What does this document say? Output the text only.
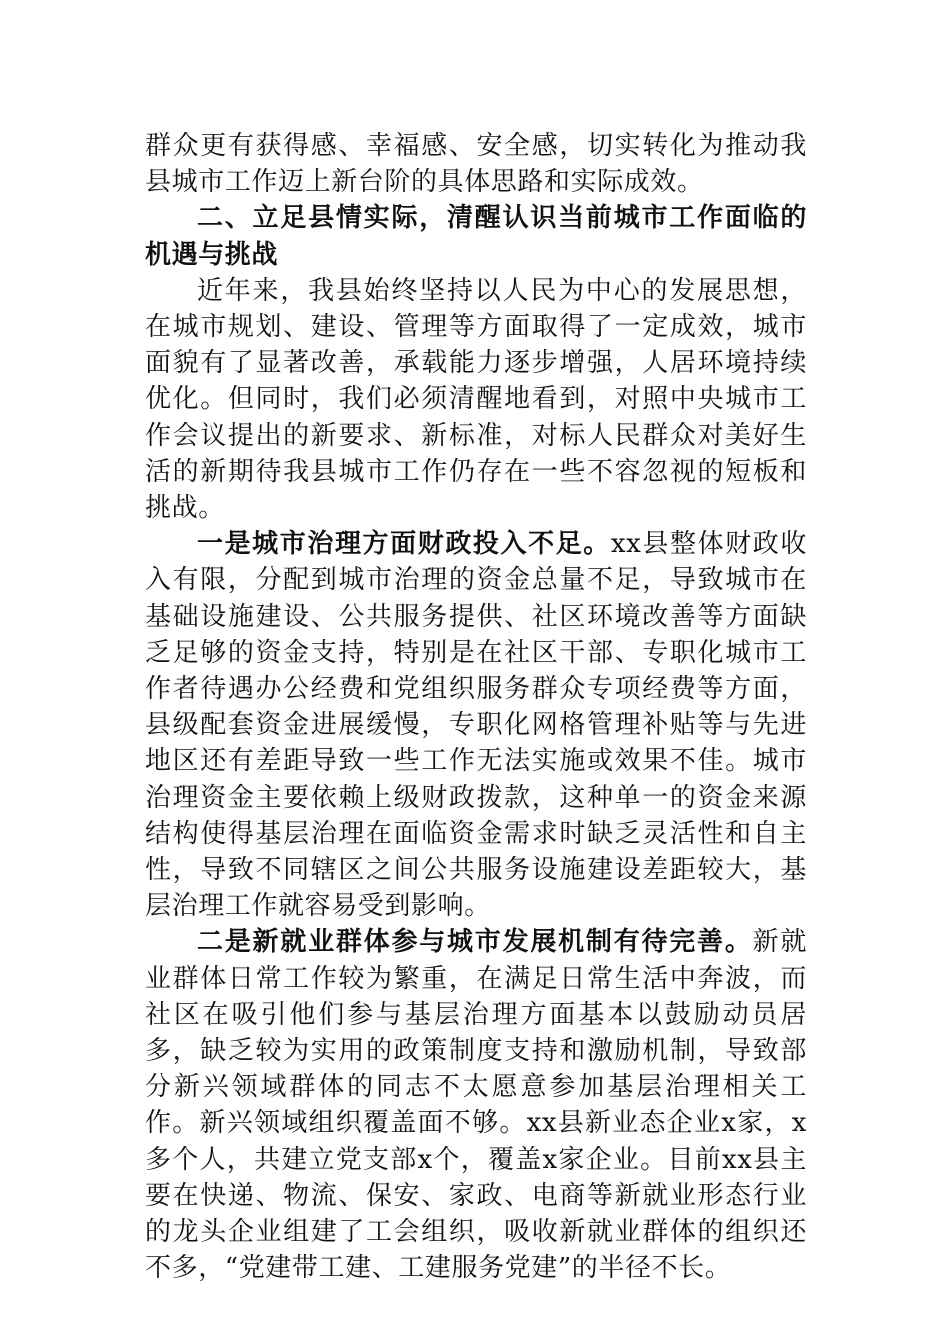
群众更有获得感、幸福感、安全感，切实转化为推动我县城市工作迈上新台阶的具体思路和实际成效。

二、立足县情实际，清醒认识当前城市工作面临的机遇与挑战

近年来，我县始终坚持以人民为中心的发展思想，在城市规划、建设、管理等方面取得了一定成效，城市面貌有了显著改善，承载能力逐步增强，人居环境持续优化。但同时，我们必须清醒地看到，对照中央城市工作会议提出的新要求、新标准，对标人民群众对美好生活的新期待我县城市工作仍存在一些不容忽视的短板和挑战。

一是城市治理方面财政投入不足。xx县整体财政收入有限，分配到城市治理的资金总量不足，导致城市在基础设施建设、公共服务提供、社区环境改善等方面缺乏足够的资金支持，特别是在社区干部、专职化城市工作者待遇办公经费和党组织服务群众专项经费等方面，县级配套资金进展缓慢，专职化网格管理补贴等与先进地区还有差距导致一些工作无法实施或效果不佳。城市治理资金主要依赖上级财政拨款，这种单一的资金来源结构使得基层治理在面临资金需求时缺乏灵活性和自主性，导致不同辖区之间公共服务设施建设差距较大，基层治理工作就容易受到影响。

二是新就业群体参与城市发展机制有待完善。新就业群体日常工作较为繁重，在满足日常生活中奔波，而社区在吸引他们参与基层治理方面基本以鼓励动员居多，缺乏较为实用的政策制度支持和激励机制，导致部分新兴领域群体的同志不太愿意参加基层治理相关工作。新兴领域组织覆盖面不够。xx县新业态企业x家，x多个人，共建立党支部x个，覆盖x家企业。目前xx县主要在快递、物流、保安、家政、电商等新就业形态行业的龙头企业组建了工会组织，吸收新就业群体的组织还不多，“党建带工建、工建服务党建”的半径不长。
